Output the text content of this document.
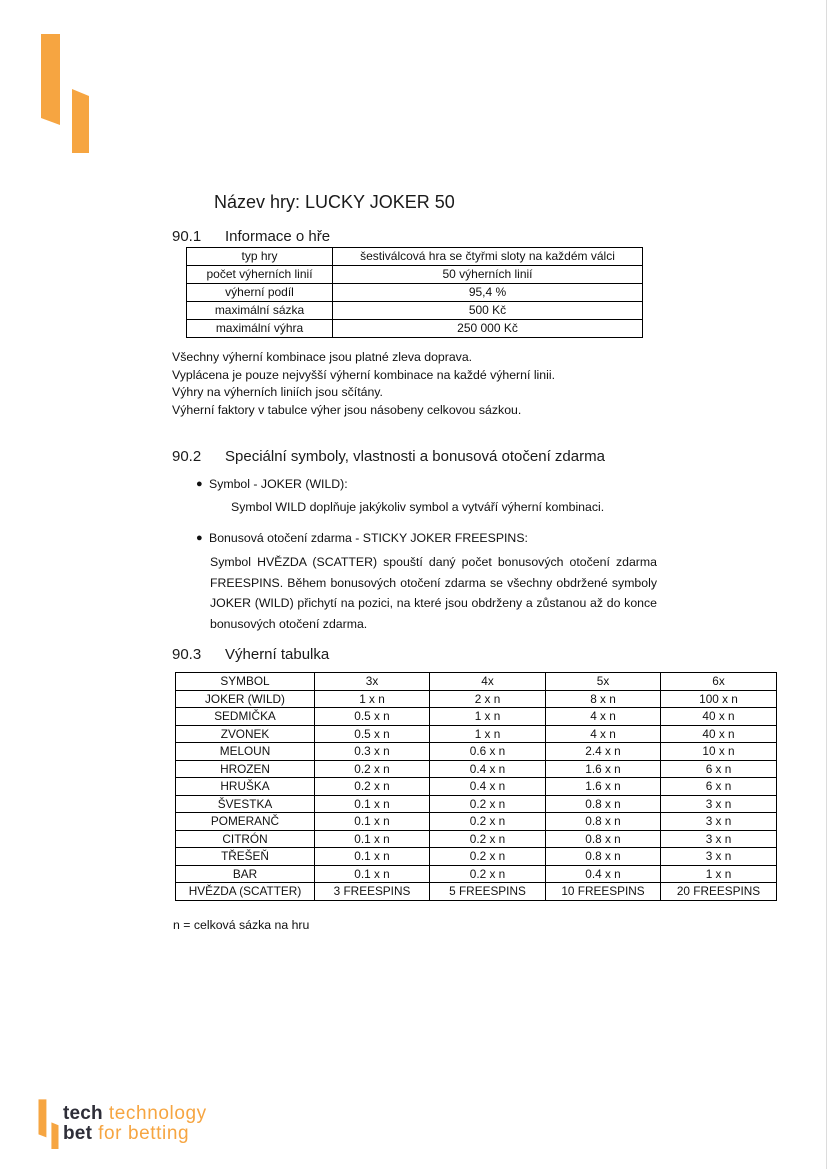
Název hry: LUCKY JOKER 50
90.1 Informace o hře
typ hry	šestiválcová hra se čtyřmi sloty na každém válci
počet výherních linií	50 výherních linií
výherní podíl	95,4 %
maximální sázka	500 Kč
maximální výhra	250 000 Kč
Všechny výherní kombinace jsou platné zleva doprava.
Vyplácena je pouze nejvyšší výherní kombinace na každé výherní linii.
Výhry na výherních liniích jsou sčítány.
Výherní faktory v tabulce výher jsou násobeny celkovou sázkou.
90.2 Speciální symboly, vlastnosti a bonusová otočení zdarma
● Symbol - JOKER (WILD):
Symbol WILD doplňuje jakýkoliv symbol a vytváří výherní kombinaci.
● Bonusová otočení zdarma - STICKY JOKER FREESPINS:
Symbol HVĚZDA (SCATTER) spouští daný počet bonusových otočení zdarma FREESPINS. Během bonusových otočení zdarma se všechny obdržené symboly JOKER (WILD) přichytí na pozici, na které jsou obdrženy a zůstanou až do konce bonusových otočení zdarma.
90.3 Výherní tabulka
SYMBOL	3x	4x	5x	6x
JOKER (WILD)	1 x n	2 x n	8 x n	100 x n
SEDMIČKA	0.5 x n	1 x n	4 x n	40 x n
ZVONEK	0.5 x n	1 x n	4 x n	40 x n
MELOUN	0.3 x n	0.6 x n	2.4 x n	10 x n
HROZEN	0.2 x n	0.4 x n	1.6 x n	6 x n
HRUŠKA	0.2 x n	0.4 x n	1.6 x n	6 x n
ŠVESTKA	0.1 x n	0.2 x n	0.8 x n	3 x n
POMERANČ	0.1 x n	0.2 x n	0.8 x n	3 x n
CITRÓN	0.1 x n	0.2 x n	0.8 x n	3 x n
TŘEŠEŇ	0.1 x n	0.2 x n	0.8 x n	3 x n
BAR	0.1 x n	0.2 x n	0.4 x n	1 x n
HVĚZDA (SCATTER)	3 FREESPINS	5 FREESPINS	10 FREESPINS	20 FREESPINS
n = celková sázka na hru
tech technology
bet for betting
